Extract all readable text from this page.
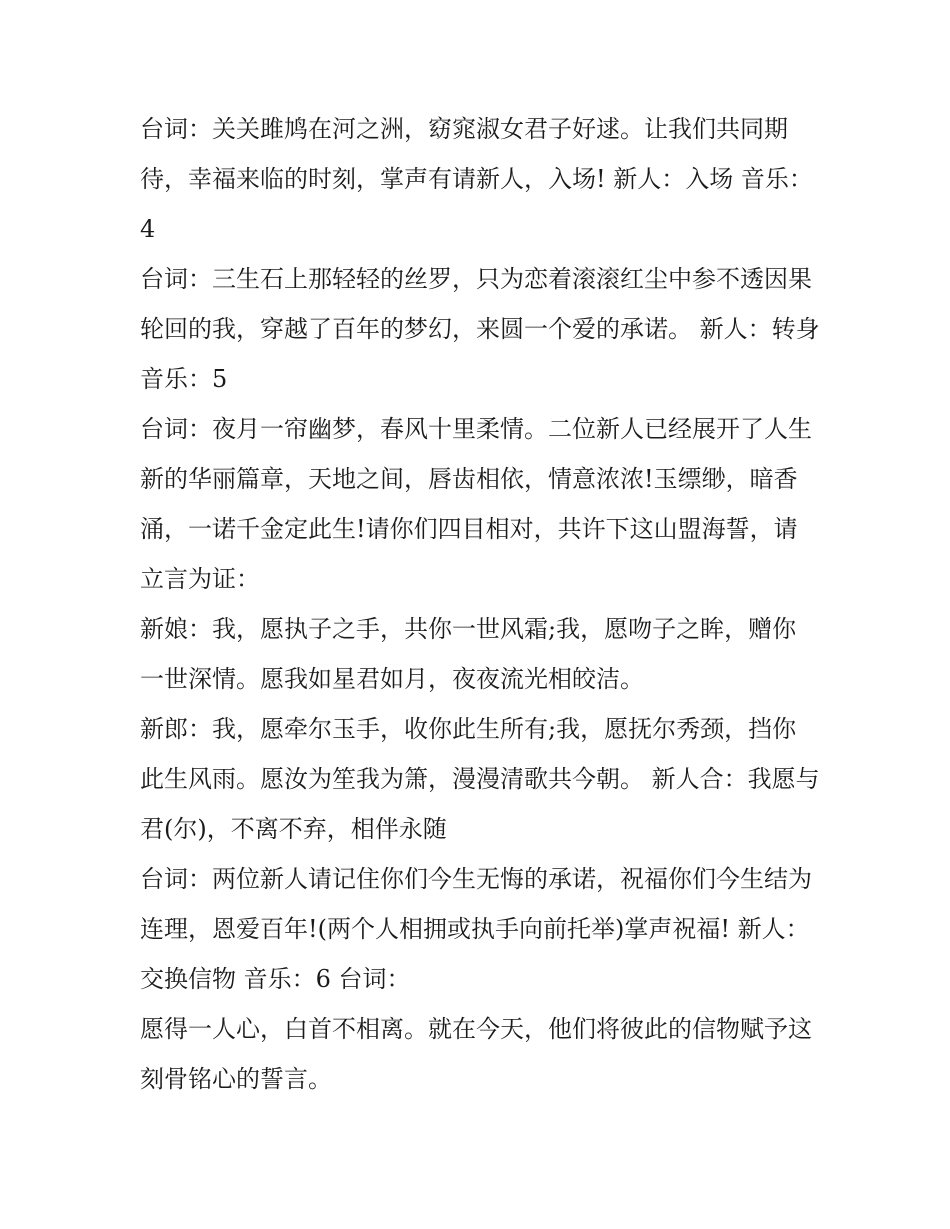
台词：关关雎鸠在河之洲，窈窕淑女君子好逑。让我们共同期待，幸福来临的时刻，掌声有请新人，入场! 新人：入场 音乐：4

台词：三生石上那轻轻的丝罗，只为恋着滚滚红尘中参不透因果轮回的我，穿越了百年的梦幻，来圆一个爱的承诺。 新人：转身 音乐：5

台词：夜月一帘幽梦，春风十里柔情。二位新人已经展开了人生新的华丽篇章，天地之间，唇齿相依，情意浓浓!玉缥缈，暗香涌，一诺千金定此生!请你们四目相对，共许下这山盟海誓，请立言为证：

新娘：我，愿执子之手，共你一世风霜;我，愿吻子之眸，赠你一世深情。愿我如星君如月，夜夜流光相皎洁。

新郎：我，愿牵尔玉手，收你此生所有;我，愿抚尔秀颈，挡你此生风雨。愿汝为笙我为箫，漫漫清歌共今朝。 新人合：我愿与君(尔)，不离不弃，相伴永随

台词：两位新人请记住你们今生无悔的承诺，祝福你们今生结为连理，恩爱百年!(两个人相拥或执手向前托举)掌声祝福! 新人：交换信物 音乐：6 台词：

愿得一人心，白首不相离。就在今天，他们将彼此的信物赋予这刻骨铭心的誓言。
